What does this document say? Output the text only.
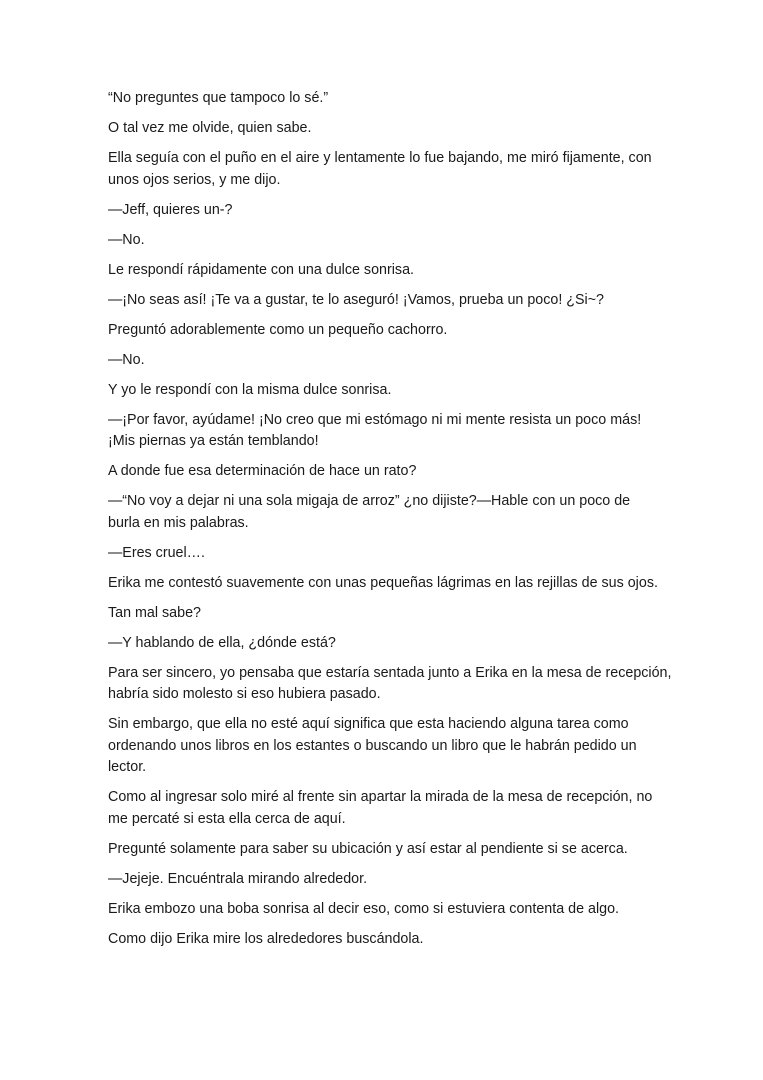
“No preguntes que tampoco lo sé.”

O tal vez me olvide, quien sabe.

Ella seguía con el puño en el aire y lentamente lo fue bajando, me miró fijamente, con
unos ojos serios, y me dijo.

—Jeff, quieres un-?

—No.

Le respondí rápidamente con una dulce sonrisa.

—¡No seas así! ¡Te va a gustar, te lo aseguró! ¡Vamos, prueba un poco! ¿Si~?

Preguntó adorablemente como un pequeño cachorro.

—No.

Y yo le respondí con la misma dulce sonrisa.

—¡Por favor, ayúdame! ¡No creo que mi estómago ni mi mente resista un poco más!
¡Mis piernas ya están temblando!

A donde fue esa determinación de hace un rato?

—“No voy a dejar ni una sola migaja de arroz” ¿no dijiste?—Hable con un poco de
burla en mis palabras.

—Eres cruel….

Erika me contestó suavemente con unas pequeñas lágrimas en las rejillas de sus ojos.

Tan mal sabe?

—Y hablando de ella, ¿dónde está?

Para ser sincero, yo pensaba que estaría sentada junto a Erika en la mesa de recepción,
habría sido molesto si eso hubiera pasado.

Sin embargo, que ella no esté aquí significa que esta haciendo alguna tarea como
ordenando unos libros en los estantes o buscando un libro que le habrán pedido un
lector.

Como al ingresar solo miré al frente sin apartar la mirada de la mesa de recepción, no
me percaté si esta ella cerca de aquí.

Pregunté solamente para saber su ubicación y así estar al pendiente si se acerca.

—Jejeje. Encuéntrala mirando alrededor.

Erika embozo una boba sonrisa al decir eso, como si estuviera contenta de algo.

Como dijo Erika mire los alrededores buscándola.
